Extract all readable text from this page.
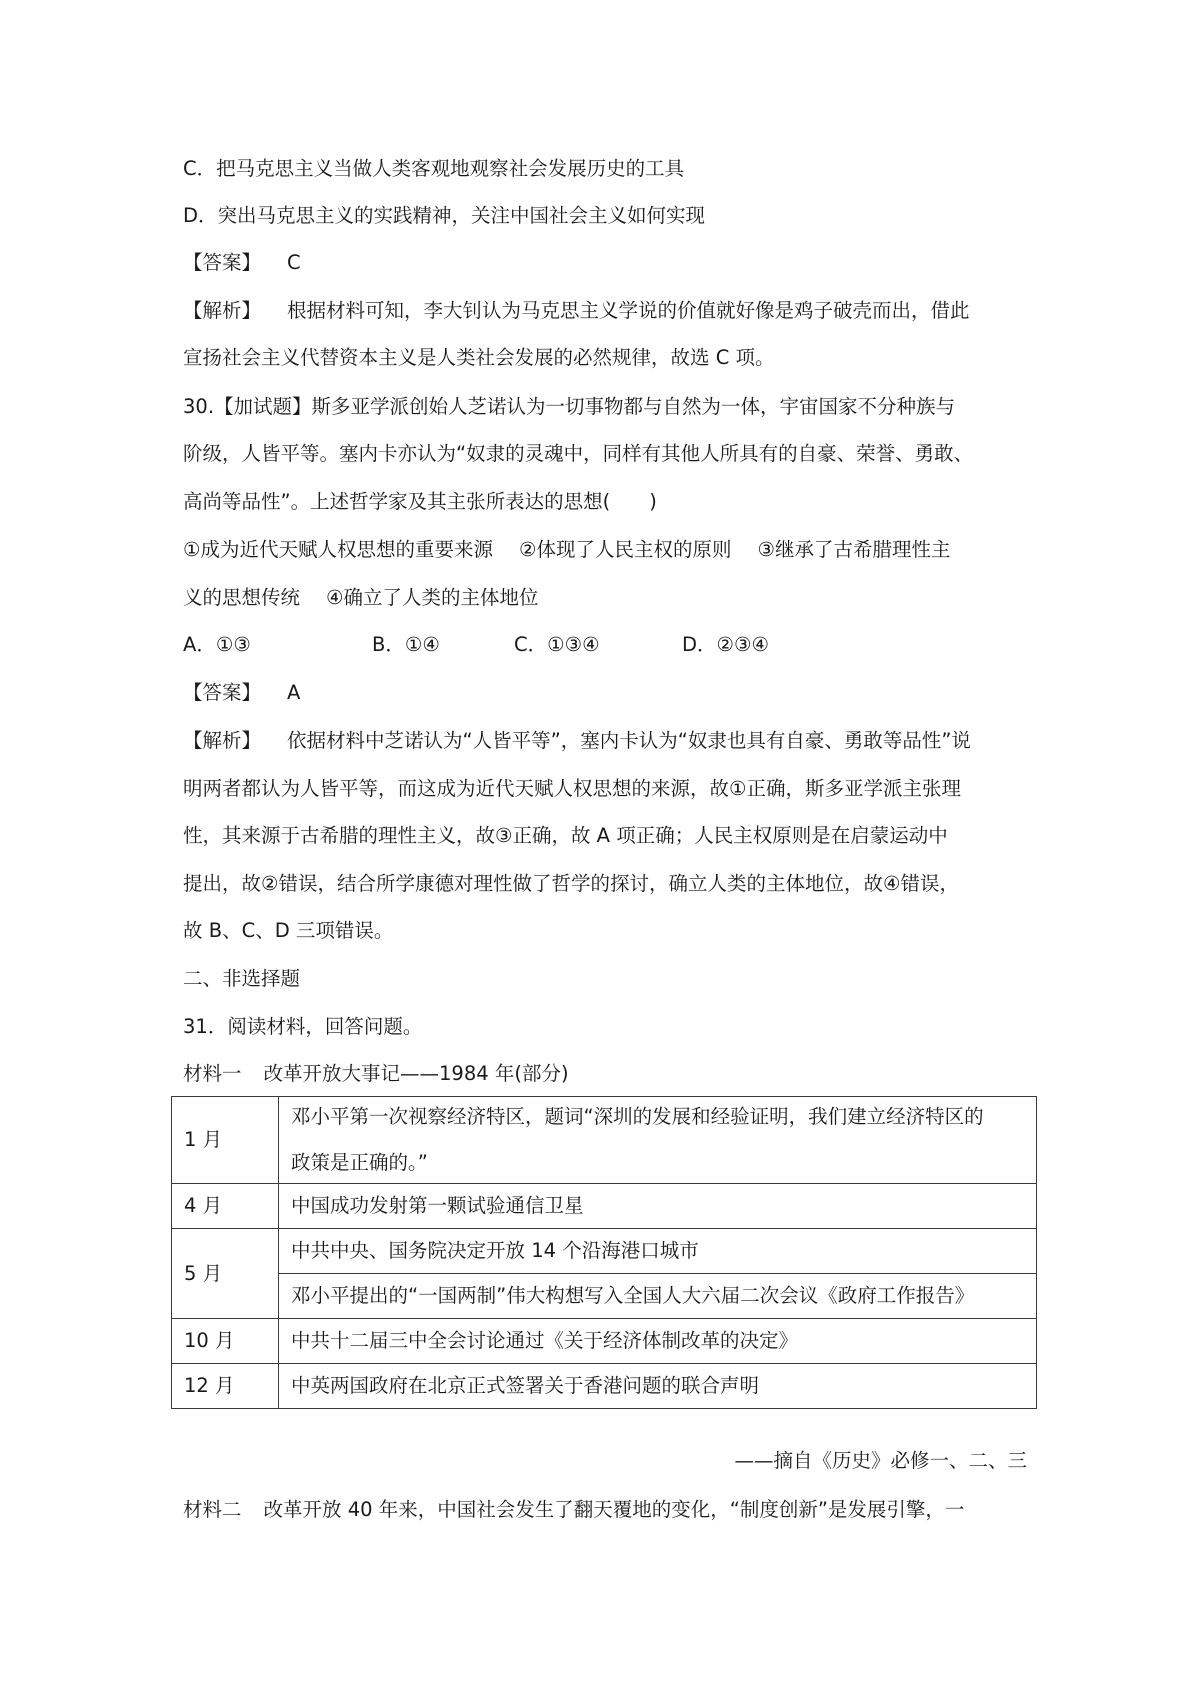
C．把马克思主义当做人类客观地观察社会发展历史的工具
D．突出马克思主义的实践精神，关注中国社会主义如何实现
【答案】 C
【解析】 根据材料可知，李大钊认为马克思主义学说的价值就好像是鸡子破壳而出，借此
宣扬社会主义代替资本主义是人类社会发展的必然规律，故选 C 项。
30.【加试题】斯多亚学派创始人芝诺认为一切事物都与自然为一体，宇宙国家不分种族与
阶级，人皆平等。塞内卡亦认为“奴隶的灵魂中，同样有其他人所具有的自豪、荣誉、勇敢、
高尚等品性”。上述哲学家及其主张所表达的思想(　　)
①成为近代天赋人权思想的重要来源 ②体现了人民主权的原则 ③继承了古希腊理性主
义的思想传统 ④确立了人类的主体地位
A．①③	B．①④	C．①③④	D．②③④
【答案】 A
【解析】 依据材料中芝诺认为“人皆平等”，塞内卡认为“奴隶也具有自豪、勇敢等品性”说
明两者都认为人皆平等，而这成为近代天赋人权思想的来源，故①正确，斯多亚学派主张理
性，其来源于古希腊的理性主义，故③正确，故 A 项正确；人民主权原则是在启蒙运动中
提出，故②错误，结合所学康德对理性做了哲学的探讨，确立人类的主体地位，故④错误，
故 B、C、D 三项错误。
二、非选择题
31．阅读材料，回答问题。
材料一 改革开放大事记——1984 年(部分)
1 月	邓小平第一次视察经济特区，题词“深圳的发展和经验证明，我们建立经济特区的
政策是正确的。”

4 月	中国成功发射第一颗试验通信卫星
5 月	中共中央、国务院决定开放 14 个沿海港口城市
	邓小平提出的“一国两制”伟大构想写入全国人大六届二次会议《政府工作报告》
10 月	中共十二届三中全会讨论通过《关于经济体制改革的决定》
12 月	中英两国政府在北京正式签署关于香港问题的联合声明
——摘自《历史》必修一、二、三
材料二 改革开放 40 年来，中国社会发生了翻天覆地的变化，“制度创新”是发展引擎，一
